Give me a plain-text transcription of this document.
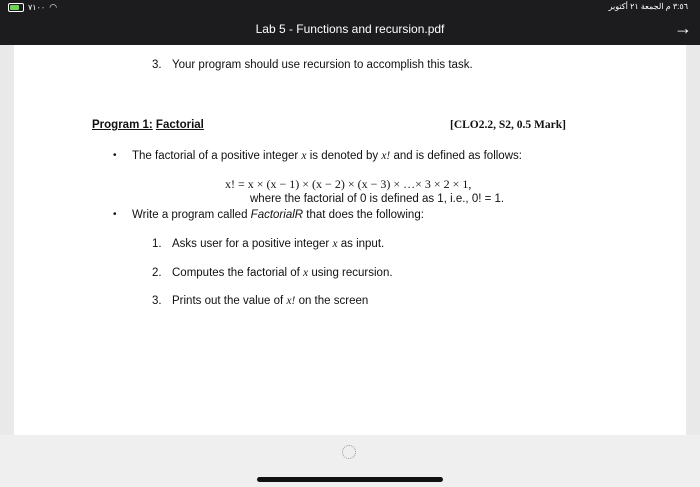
٧١٠٠ ◠	٣:٥٦ م الجمعة ٢١ أكتوبر
Lab 5 - Functions and recursion.pdf	→
3. Your program should use recursion to accomplish this task.
Program 1: Factorial	[CLO2.2, S2, 0.5 Mark]
• The factorial of a positive integer x is denoted by x! and is defined as follows:
x! = x × (x − 1) × (x − 2) × (x − 3) × …× 3 × 2 × 1,
where the factorial of 0 is defined as 1, i.e., 0! = 1.
• Write a program called FactorialR that does the following:
1. Asks user for a positive integer x as input.
2. Computes the factorial of x using recursion.
3. Prints out the value of x! on the screen
